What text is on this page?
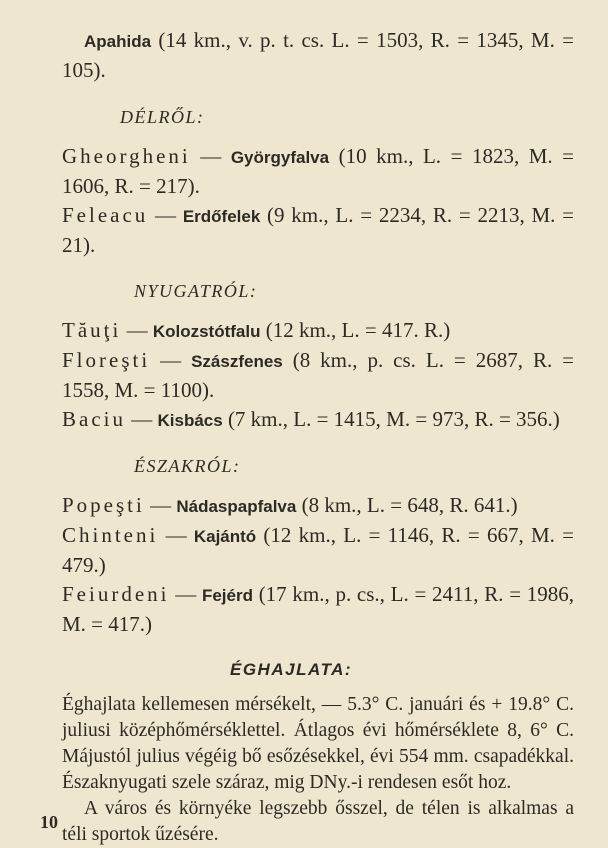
Apahida (14 km., v. p. t. cs. L. = 1503, R. = 1345, M. = 105).

DÉLRŐL:

Gheorgheni — Györgyfalva (10 km., L. = 1823, M. = 1606, R. = 217).

Feleacu — Erdőfelek (9 km., L. = 2234, R. = 2213, M. = 21).

NYUGATRÓL:

Tăuţi — Kolozstótfalu (12 km., L. = 417. R.)

Floreşti — Szászfenes (8 km., p. cs. L. = 2687, R. = 1558, M. = 1100).

Baciu — Kisbács (7 km., L. = 1415, M. = 973, R. = 356.)

ÉSZAKRÓL:

Popeşti — Nádaspapfalva (8 km., L. = 648, R. 641.)

Chinteni — Kajántó (12 km., L. = 1146, R. = 667, M. = 479.)

Feiurdeni — Fejérd (17 km., p. cs., L. = 2411, R. = 1986, M. = 417.)

ÉGHAJLATA:

Éghajlata kellemesen mérsékelt, — 5.3° C. januári és + 19.8° C. juliusi középhőmérséklettel. Átlagos évi hőmérséklete 8, 6° C. Májustól julius végéig bő esőzésekkel, évi 554 mm. csapadékkal. Északnyugati szele száraz, mig DNy.-i rendesen esőt hoz.

A város és környéke legszebb ősszel, de télen is alkalmas a téli sportok űzésére.

10
